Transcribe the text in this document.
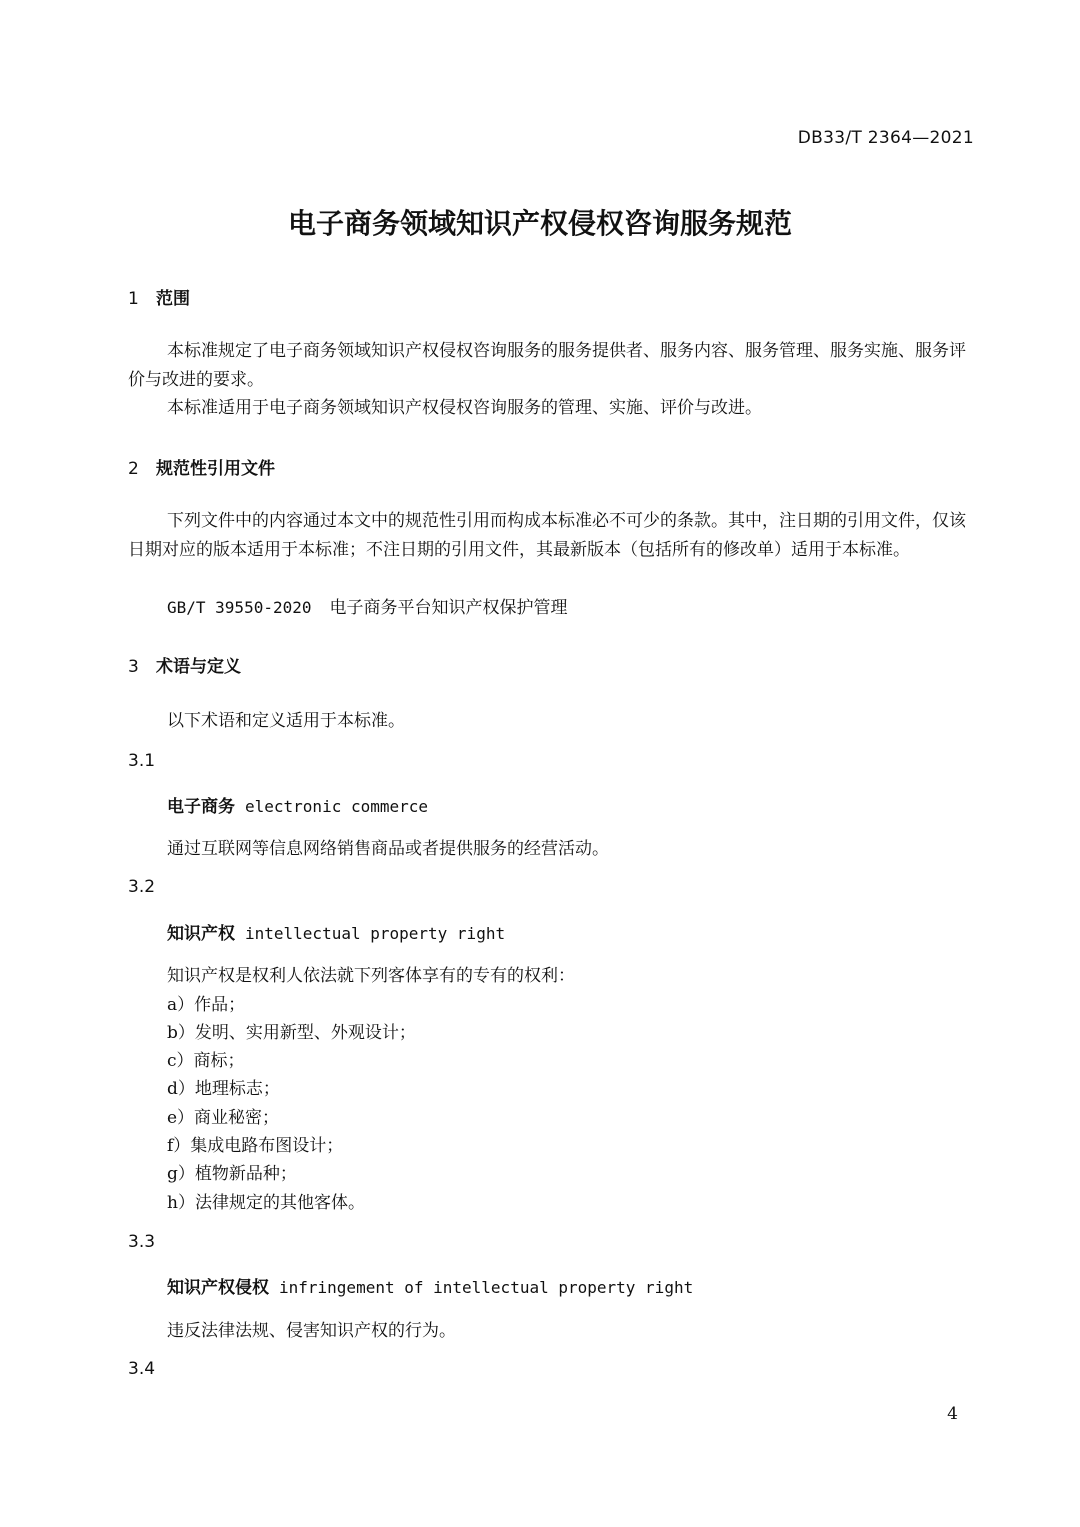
DB33/T 2364—2021
电子商务领域知识产权侵权咨询服务规范
1 范围
本标准规定了电子商务领域知识产权侵权咨询服务的服务提供者、服务内容、服务管理、服务实施、服务评价与改进的要求。
本标准适用于电子商务领域知识产权侵权咨询服务的管理、实施、评价与改进。
2 规范性引用文件
下列文件中的内容通过本文中的规范性引用而构成本标准必不可少的条款。其中，注日期的引用文件，仅该日期对应的版本适用于本标准；不注日期的引用文件，其最新版本（包括所有的修改单）适用于本标准。
GB/T 39550-2020 电子商务平台知识产权保护管理
3 术语与定义
以下术语和定义适用于本标准。
3.1
电子商务 electronic commerce
通过互联网等信息网络销售商品或者提供服务的经营活动。
3.2
知识产权 intellectual property right
知识产权是权利人依法就下列客体享有的专有的权利：
a）作品；
b）发明、实用新型、外观设计；
c）商标；
d）地理标志；
e）商业秘密；
f）集成电路布图设计；
g）植物新品种；
h）法律规定的其他客体。
3.3
知识产权侵权 infringement of intellectual property right
违反法律法规、侵害知识产权的行为。
3.4
4
